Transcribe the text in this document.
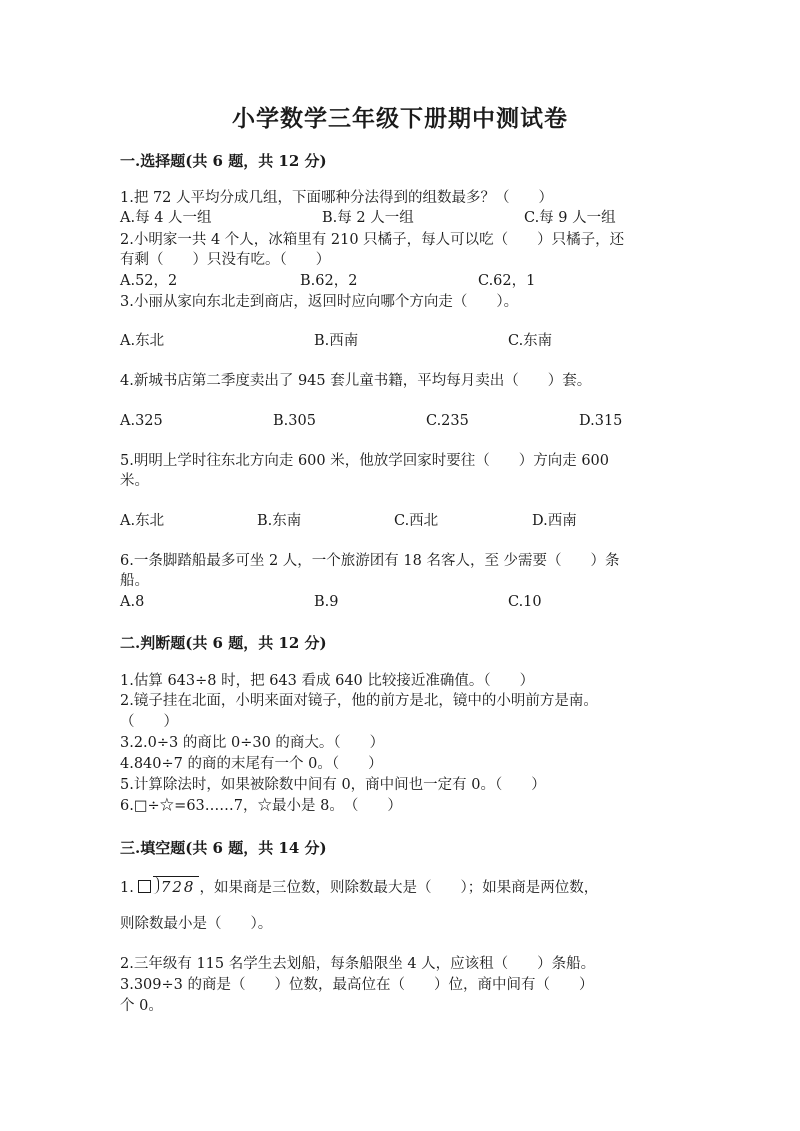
小学数学三年级下册期中测试卷
一.选择题(共 6 题，共 12 分)
1.把 72 人平均分成几组，下面哪种分法得到的组数最多？（　　）
A.每 4 人一组	B.每 2 人一组	C.每 9 人一组
2.小明家一共 4 个人，冰箱里有 210 只橘子，每人可以吃（　　）只橘子，还
有剩（　　）只没有吃。（　　）
A.52，2	B.62，2	C.62，1
3.小丽从家向东北走到商店，返回时应向哪个方向走（　　）。
A.东北	B.西南	C.东南
4.新城书店第二季度卖出了 945 套儿童书籍，平均每月卖出（　　）套。
A.325	B.305	C.235	D.315
5.明明上学时往东北方向走 600 米，他放学回家时要往（　　）方向走 600
米。
A.东北	B.东南	C.西北	D.西南
6.一条脚踏船最多可坐 2 人，一个旅游团有 18 名客人，至 少需要（　　）条
船。
A.8	B.9	C.10
二.判断题(共 6 题，共 12 分)
1.估算 643÷8 时，把 643 看成 640 比较接近准确值。（　　）
2.镜子挂在北面，小明来面对镜子，他的前方是北，镜中的小明前方是南。
（　　）
3.2.0÷3 的商比 0÷30 的商大。（　　）
4.840÷7 的商的末尾有一个 0。（　　）
5.计算除法时，如果被除数中间有 0，商中间也一定有 0。（　　）
6.□÷☆=63……7，☆最小是 8。　（　　）
三.填空题(共 6 题，共 14 分)
1. 728 ，如果商是三位数，则除数最大是（　　）；如果商是两位数，
则除数最小是（　　）。
2.三年级有 115 名学生去划船，每条船限坐 4 人，应该租（　　）条船。
3.309÷3 的商是（　　）位数，最高位在（　　）位，商中间有（　　）
个 0。
